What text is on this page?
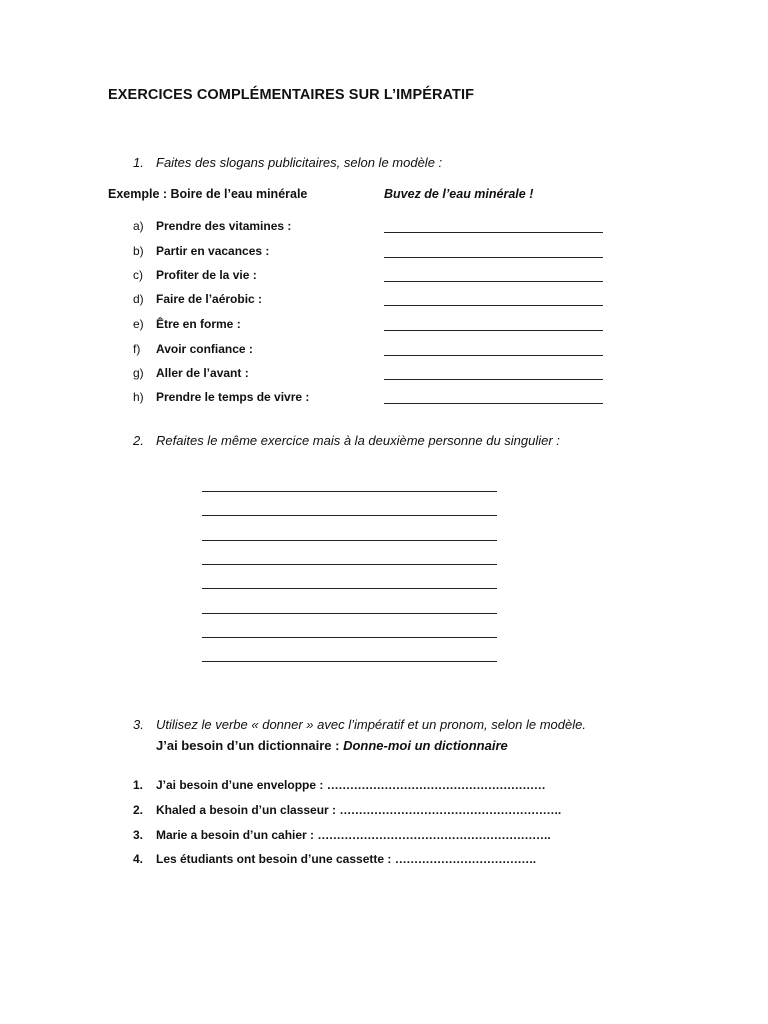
EXERCICES COMPLÉMENTAIRES SUR L’IMPÉRATIF
1. Faites des slogans publicitaires, selon le modèle :
Exemple : Boire de l’eau minérale	Buvez de l’eau minérale !
a) Prendre des vitamines :
b) Partir en vacances :
c) Profiter de la vie :
d) Faire de l’aérobic :
e) Être en forme :
f) Avoir confiance :
g) Aller de l’avant :
h) Prendre le temps de vivre :
2. Refaites le même exercice mais à la deuxième personne du singulier :
3. Utilisez le verbe « donner » avec l’impératif et un pronom, selon le modèle.
J’ai besoin d’un dictionnaire : Donne-moi un dictionnaire
1. J’ai besoin d’une enveloppe : …………………………………………………
2. Khaled a besoin d’un classeur : ………………………………………………….
3. Marie a besoin d’un cahier : …………………………………………………….
4. Les étudiants ont besoin d’une cassette : ……………………………….
